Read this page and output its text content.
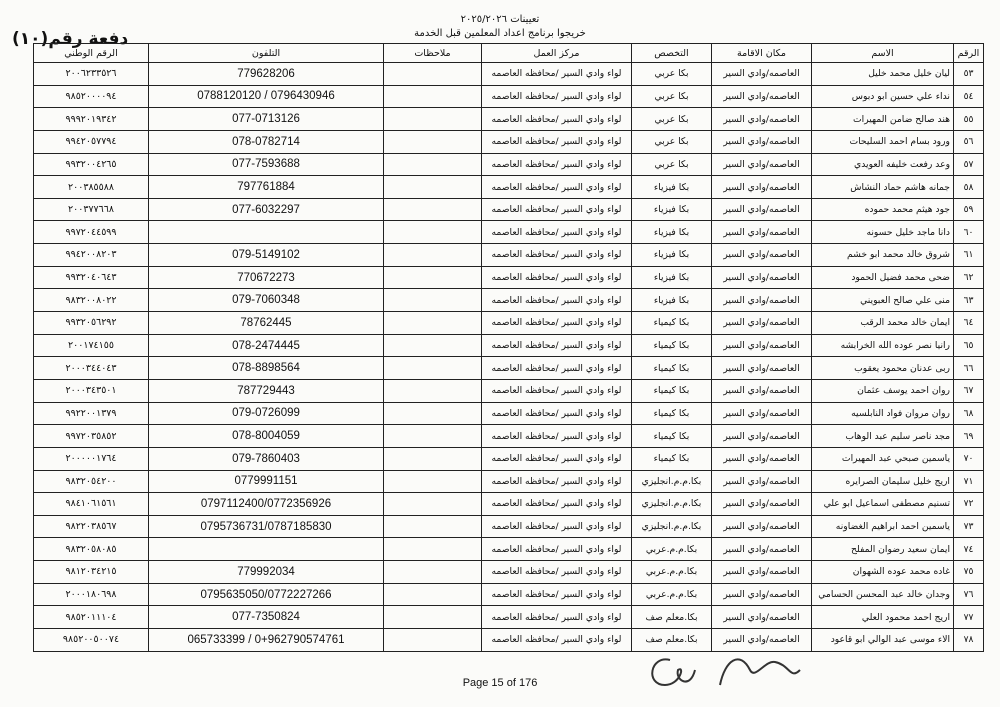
تعيينات ٢٠٢٥/٢٠٢٦
خريجوا برنامج اعداد المعلمين قبل الخدمة
دفعة رقم(١٠)
الرقم	الاسم	مكان الاقامة	التخصص	مركز العمل	ملاحظات	التلفون	الرقم الوطني
٥٣	ليان خليل محمد خليل	العاصمه/وادي السير	بكا عربي	لواء وادي السير /محافظه العاصمه		779628206	٢٠٠٦٢٣٣٥٢٦
٥٤	نداء علي حسين ابو دبوس	العاصمه/وادي السير	بكا عربي	لواء وادي السير /محافظه العاصمه		0788120120 / 0796430946	٩٨٥٢٠٠٠٠٩٤
٥٥	هند صالح ضامن المهيرات	العاصمه/وادي السير	بكا عربي	لواء وادي السير /محافظه العاصمه		077-0713126	٩٩٩٢٠١٩٣٤٢
٥٦	ورود بسام احمد السليحات	العاصمه/وادي السير	بكا عربي	لواء وادي السير /محافظه العاصمه		078-0782714	٩٩٤٢٠٥٧٧٩٤
٥٧	وعد رفعت خليفه العويدي	العاصمه/وادي السير	بكا عربي	لواء وادي السير /محافظه العاصمه		077-7593688	٩٩٣٢٠٠٤٢٦٥
٥٨	جمانه هاشم حماد النشاش	العاصمه/وادي السير	بكا فيزياء	لواء وادي السير /محافظه العاصمه		797761884	٢٠٠٣٨٥٥٨٨
٥٩	جود هيثم محمد حموده	العاصمه/وادي السير	بكا فيزياء	لواء وادي السير /محافظه العاصمه		077-6032297	٢٠٠٣٧٧٦٦٨
٦٠	دانا ماجد خليل حسونه	العاصمه/وادي السير	بكا فيزياء	لواء وادي السير /محافظه العاصمه			٩٩٧٢٠٤٤٥٩٩
٦١	شروق خالد محمد ابو خشم	العاصمه/وادي السير	بكا فيزياء	لواء وادي السير /محافظه العاصمه		079-5149102	٩٩٤٢٠٠٨٢٠٣
٦٢	ضحى محمد فضيل الحمود	العاصمه/وادي السير	بكا فيزياء	لواء وادي السير /محافظه العاصمه		770672273	٩٩٣٢٠٤٠٦٤٣
٦٣	منى علي صالح العبويني	العاصمه/وادي السير	بكا فيزياء	لواء وادي السير /محافظه العاصمه		079-7060348	٩٨٣٢٠٠٨٠٢٢
٦٤	ايمان خالد محمد الرقب	العاصمه/وادي السير	بكا كيمياء	لواء وادي السير /محافظه العاصمه		78762445	٩٩٣٢٠٥٦٢٩٢
٦٥	رانيا نصر عوده الله الخرابشه	العاصمه/وادي السير	بكا كيمياء	لواء وادي السير /محافظه العاصمه		078-2474445	٢٠٠١٧٤١٥٥
٦٦	ربى عدنان محمود يعقوب	العاصمه/وادي السير	بكا كيمياء	لواء وادي السير /محافظه العاصمه		078-8898564	٢٠٠٠٣٤٤٠٤٣
٦٧	روان احمد يوسف عثمان	العاصمه/وادي السير	بكا كيمياء	لواء وادي السير /محافظه العاصمه		787729443	٢٠٠٠٣٤٣٥٠١
٦٨	روان مروان فواد النابلسيه	العاصمه/وادي السير	بكا كيمياء	لواء وادي السير /محافظه العاصمه		079-0726099	٩٩٢٢٠٠١٣٧٩
٦٩	مجد ناصر سليم عبد الوهاب	العاصمه/وادي السير	بكا كيمياء	لواء وادي السير /محافظه العاصمه		078-8004059	٩٩٧٢٠٣٥٨٥٢
٧٠	ياسمين صبحي عبد المهيرات	العاصمه/وادي السير	بكا كيمياء	لواء وادي السير /محافظه العاصمه		079-7860403	٢٠٠٠٠٠١٧٦٤
٧١	اريج خليل سليمان الصرايره	العاصمه/وادي السير	بكا.م.م.انجليزي	لواء وادي السير /محافظه العاصمه		0779991151	٩٨٣٢٠٥٤٢٠٠
٧٢	تسنيم مصطفى اسماعيل ابو علي	العاصمه/وادي السير	بكا.م.م.انجليزي	لواء وادي السير /محافظه العاصمه		0797112400/0772356926	٩٨٤١٠٦١٥٦١
٧٣	ياسمين احمد ابراهيم الغضاونه	العاصمه/وادي السير	بكا.م.م.انجليزي	لواء وادي السير /محافظه العاصمه		0795736731/0787185830	٩٨٢٢٠٣٨٥٦٧
٧٤	ايمان سعيد رضوان المفلح	العاصمه/وادي السير	بكا.م.م.عربي	لواء وادي السير /محافظه العاصمه			٩٨٣٢٠٥٨٠٨٥
٧٥	غاده محمد عوده الشهوان	العاصمه/وادي السير	بكا.م.م.عربي	لواء وادي السير /محافظه العاصمه		779992034	٩٨١٢٠٣٤٢١٥
٧٦	وجدان خالد عبد المحسن الحسامي	العاصمه/وادي السير	بكا.م.م.عربي	لواء وادي السير /محافظه العاصمه		0795635050/0772227266	٢٠٠٠١٨٠٦٩٨
٧٧	اريج احمد محمود العلي	العاصمه/وادي السير	بكا.معلم صف	لواء وادي السير /محافظه العاصمه		077-7350824	٩٨٥٢٠١١١٠٤
٧٨	الاء موسى عبد الوالي ابو قاعود	العاصمه/وادي السير	بكا.معلم صف	لواء وادي السير /محافظه العاصمه		065733399 / 0+962790574761	٩٨٥٢٠٠٥٠٠٧٤
Page 15 of 176
